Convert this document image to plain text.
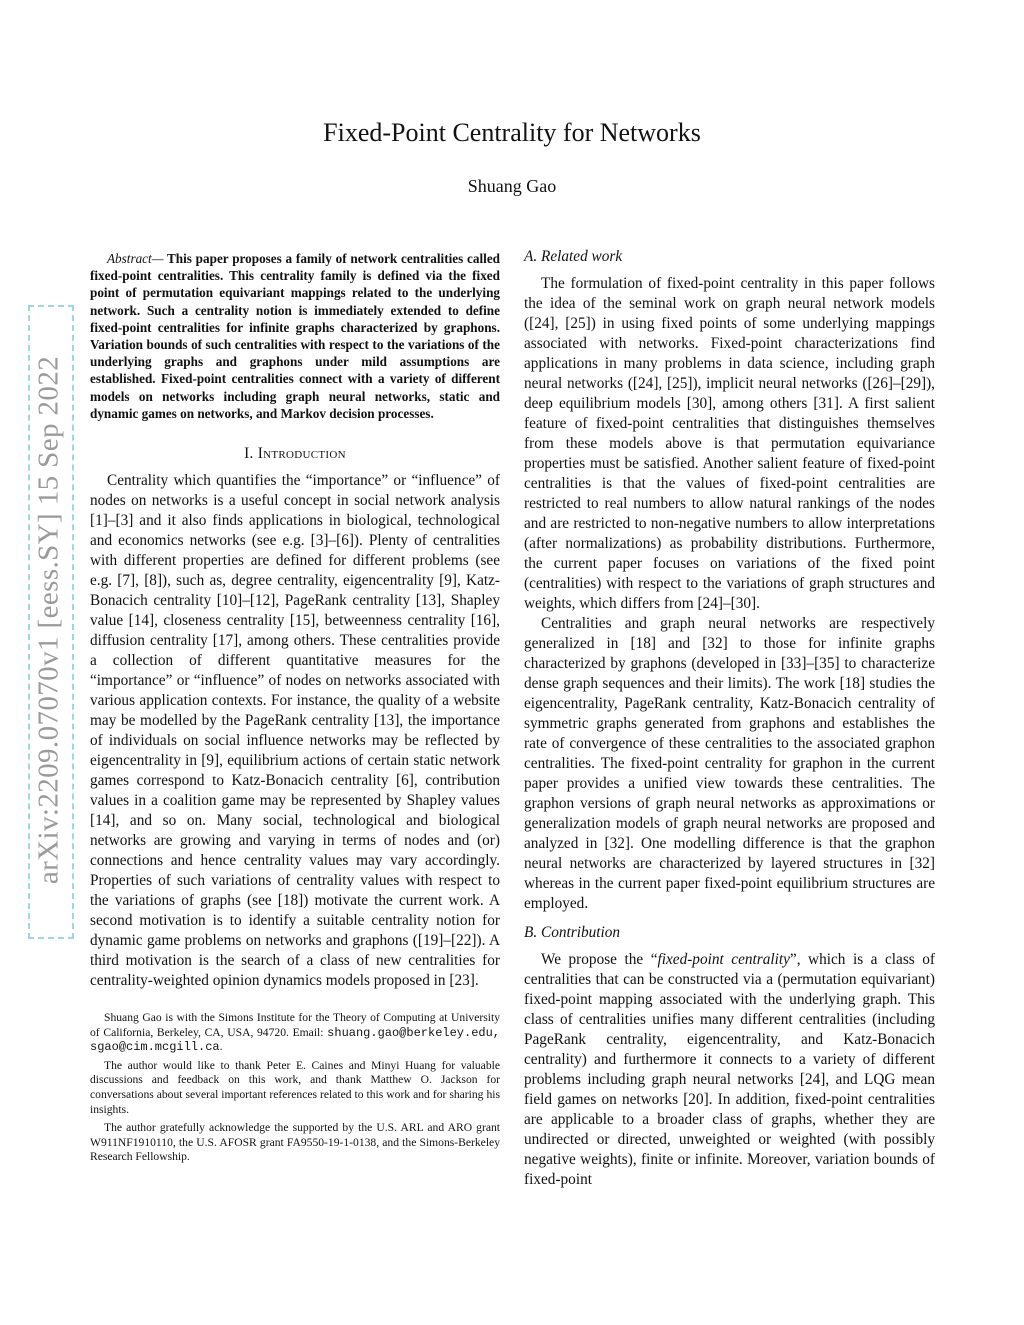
arXiv:2209.07070v1 [eess.SY] 15 Sep 2022
Fixed-Point Centrality for Networks
Shuang Gao

Abstract— This paper proposes a family of network centralities called fixed-point centralities. This centrality family is defined via the fixed point of permutation equivariant mappings related to the underlying network. Such a centrality notion is immediately extended to define fixed-point centralities for infinite graphs characterized by graphons. Variation bounds of such centralities with respect to the variations of the underlying graphs and graphons under mild assumptions are established. Fixed-point centralities connect with a variety of different models on networks including graph neural networks, static and dynamic games on networks, and Markov decision processes.

I. Introduction

Centrality which quantifies the “importance” or “influence” of nodes on networks is a useful concept in social network analysis [1]–[3] and it also finds applications in biological, technological and economics networks (see e.g. [3]–[6]). Plenty of centralities with different properties are defined for different problems (see e.g. [7], [8]), such as, degree centrality, eigencentrality [9], Katz-Bonacich centrality [10]–[12], PageRank centrality [13], Shapley value [14], closeness centrality [15], betweenness centrality [16], diffusion centrality [17], among others. These centralities provide a collection of different quantitative measures for the “importance” or “influence” of nodes on networks associated with various application contexts. For instance, the quality of a website may be modelled by the PageRank centrality [13], the importance of individuals on social influence networks may be reflected by eigencentrality in [9], equilibrium actions of certain static network games correspond to Katz-Bonacich centrality [6], contribution values in a coalition game may be represented by Shapley values [14], and so on. Many social, technological and biological networks are growing and varying in terms of nodes and (or) connections and hence centrality values may vary accordingly. Properties of such variations of centrality values with respect to the variations of graphs (see [18]) motivate the current work. A second motivation is to identify a suitable centrality notion for dynamic game problems on networks and graphons ([19]–[22]). A third motivation is the search of a class of new centralities for centrality-weighted opinion dynamics models proposed in [23].

Shuang Gao is with the Simons Institute for the Theory of Computing at University of California, Berkeley, CA, USA, 94720. Email: shuang.gao@berkeley.edu, sgao@cim.mcgill.ca.

The author would like to thank Peter E. Caines and Minyi Huang for valuable discussions and feedback on this work, and thank Matthew O. Jackson for conversations about several important references related to this work and for sharing his insights.

The author gratefully acknowledge the supported by the U.S. ARL and ARO grant W911NF1910110, the U.S. AFOSR grant FA9550-19-1-0138, and the Simons-Berkeley Research Fellowship.

A. Related work

The formulation of fixed-point centrality in this paper follows the idea of the seminal work on graph neural network models ([24], [25]) in using fixed points of some underlying mappings associated with networks. Fixed-point characterizations find applications in many problems in data science, including graph neural networks ([24], [25]), implicit neural networks ([26]–[29]), deep equilibrium models [30], among others [31]. A first salient feature of fixed-point centralities that distinguishes themselves from these models above is that permutation equivariance properties must be satisfied. Another salient feature of fixed-point centralities is that the values of fixed-point centralities are restricted to real numbers to allow natural rankings of the nodes and are restricted to non-negative numbers to allow interpretations (after normalizations) as probability distributions. Furthermore, the current paper focuses on variations of the fixed point (centralities) with respect to the variations of graph structures and weights, which differs from [24]–[30].

Centralities and graph neural networks are respectively generalized in [18] and [32] to those for infinite graphs characterized by graphons (developed in [33]–[35] to characterize dense graph sequences and their limits). The work [18] studies the eigencentrality, PageRank centrality, Katz-Bonacich centrality of symmetric graphs generated from graphons and establishes the rate of convergence of these centralities to the associated graphon centralities. The fixed-point centrality for graphon in the current paper provides a unified view towards these centralities. The graphon versions of graph neural networks as approximations or generalization models of graph neural networks are proposed and analyzed in [32]. One modelling difference is that the graphon neural networks are characterized by layered structures in [32] whereas in the current paper fixed-point equilibrium structures are employed.

B. Contribution

We propose the “fixed-point centrality”, which is a class of centralities that can be constructed via a (permutation equivariant) fixed-point mapping associated with the underlying graph. This class of centralities unifies many different centralities (including PageRank centrality, eigencentrality, and Katz-Bonacich centrality) and furthermore it connects to a variety of different problems including graph neural networks [24], and LQG mean field games on networks [20]. In addition, fixed-point centralities are applicable to a broader class of graphs, whether they are undirected or directed, unweighted or weighted (with possibly negative weights), finite or infinite. Moreover, variation bounds of fixed-point
